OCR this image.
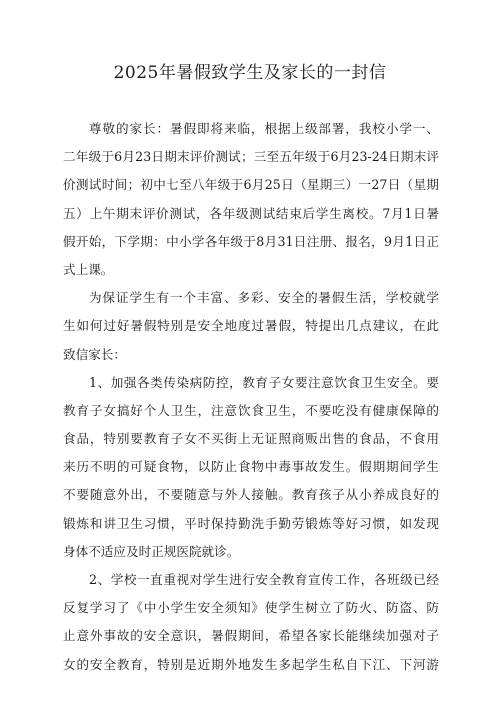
2025年暑假致学生及家长的一封信
尊敬的家长：暑假即将来临，根据上级部署，我校小学一、
二年级于6月23日期末评价测试；三至五年级于6月23-24日期末评
价测试时间；初中七至八年级于6月25日（星期三）一27日（星期
五）上午期末评价测试，各年级测试结束后学生离校。7月1日暑
假开始，下学期：中小学各年级于8月31日注册、报名，9月1日正
式上课。
为保证学生有一个丰富、多彩、安全的暑假生活，学校就学
生如何过好暑假特别是安全地度过暑假，特提出几点建议，在此
致信家长：
1、加强各类传染病防控，教育子女要注意饮食卫生安全。要
教育子女搞好个人卫生，注意饮食卫生，不要吃没有健康保障的
食品，特别要教育子女不买街上无证照商贩出售的食品，不食用
来历不明的可疑食物，以防止食物中毒事故发生。假期期间学生
不要随意外出，不要随意与外人接触。教育孩子从小养成良好的
锻炼和讲卫生习惯，平时保持勤洗手勤劳锻炼等好习惯，如发现
身体不适应及时正规医院就诊。
2、学校一直重视对学生进行安全教育宣传工作，各班级已经
反复学习了《中小学生安全须知》使学生树立了防火、防盗、防
止意外事故的安全意识，暑假期间，希望各家长能继续加强对子
女的安全教育，特别是近期外地发生多起学生私自下江、下河游
